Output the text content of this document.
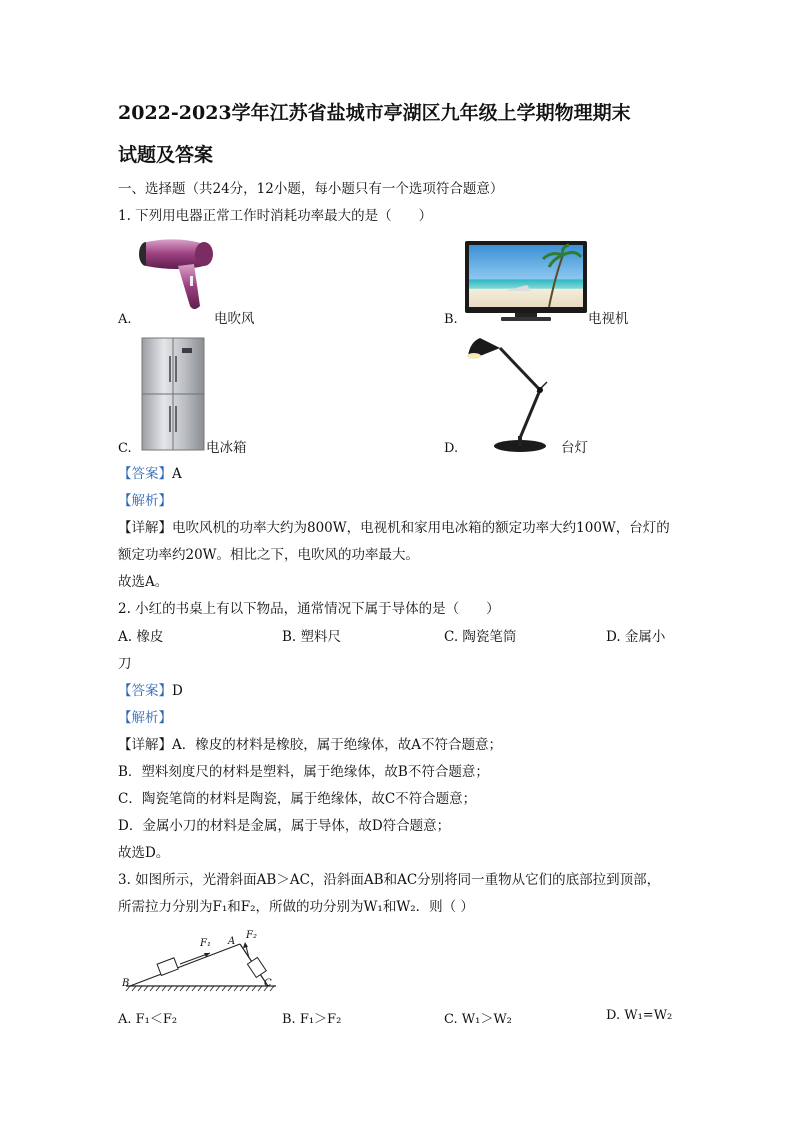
2022-2023学年江苏省盐城市亭湖区九年级上学期物理期末
试题及答案
一、选择题（共24分，12小题，每小题只有一个选项符合题意）
1. 下列用电器正常工作时消耗功率最大的是（　　）
A.	电吹风	B.	电视机
C.	电冰箱	D.	台灯
【答案】A
【解析】
【详解】电吹风机的功率大约为800W，电视机和家用电冰箱的额定功率大约100W，台灯的
额定功率约20W。相比之下，电吹风的功率最大。
故选A。
2. 小红的书桌上有以下物品，通常情况下属于导体的是（　　）
A. 橡皮	B. 塑料尺	C. 陶瓷笔筒	D. 金属小
刀
【答案】D
【解析】
【详解】A．橡皮的材料是橡胶，属于绝缘体，故A不符合题意；
B．塑料刻度尺的材料是塑料，属于绝缘体，故B不符合题意；
C．陶瓷笔筒的材料是陶瓷，属于绝缘体，故C不符合题意；
D．金属小刀的材料是金属，属于导体，故D符合题意；
故选D。
3. 如图所示，光滑斜面AB＞AC，沿斜面AB和AC分别将同一重物从它们的底部拉到顶部，
所需拉力分别为F₁和F₂，所做的功分别为W₁和W₂．则（ ）
F₁
F₂
A
B	C
A. F₁＜F₂	B. F₁＞F₂	C. W₁＞W₂	D. W₁=W₂
